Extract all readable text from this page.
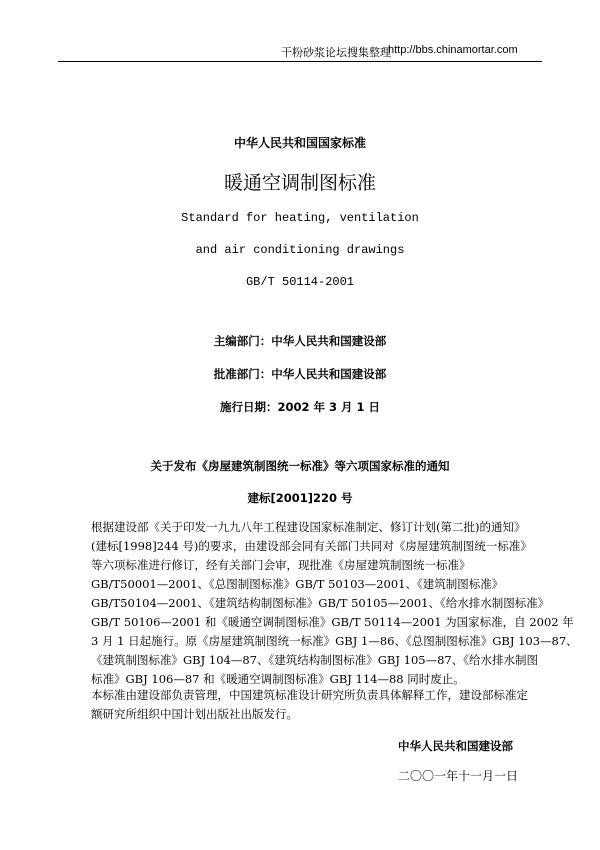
干粉砂浆论坛搜集整理
http://bbs.chinamortar.com
中华人民共和国国家标准
暖通空调制图标准
Standard for heating, ventilation
and air conditioning drawings
GB/T 50114-2001
主编部门：中华人民共和国建设部
批准部门：中华人民共和国建设部
施行日期：2002 年 3 月 1 日
关于发布《房屋建筑制图统一标准》等六项国家标准的通知
建标[2001]220 号
根据建设部《关于印发一九九八年工程建设国家标准制定、修订计划(第二批)的通知》
(建标[1998]244 号)的要求，由建设部会同有关部门共同对《房屋建筑制图统一标准》
等六项标准进行修订，经有关部门会审，现批准《房屋建筑制图统一标准》
GB/T50001—2001、《总图制图标准》GB/T 50103—2001、《建筑制图标准》
GB/T50104—2001、《建筑结构制图标准》GB/T 50105—2001、《给水排水制图标准》
GB/T 50106—2001 和《暖通空调制图标准》GB/T 50114—2001 为国家标准，自 2002 年
3 月 1 日起施行。原《房屋建筑制图统一标准》GBJ 1—86、《总图制图标准》GBJ 103—87、
《建筑制图标准》GBJ 104—87、《建筑结构制图标准》GBJ 105—87、《给水排水制图
标准》GBJ 106—87 和《暖通空调制图标准》GBJ 114—88 同时废止。
本标准由建设部负责管理，中国建筑标准设计研究所负责具体解释工作，建设部标准定
额研究所组织中国计划出版社出版发行。
中华人民共和国建设部
二〇〇一年十一月一日
